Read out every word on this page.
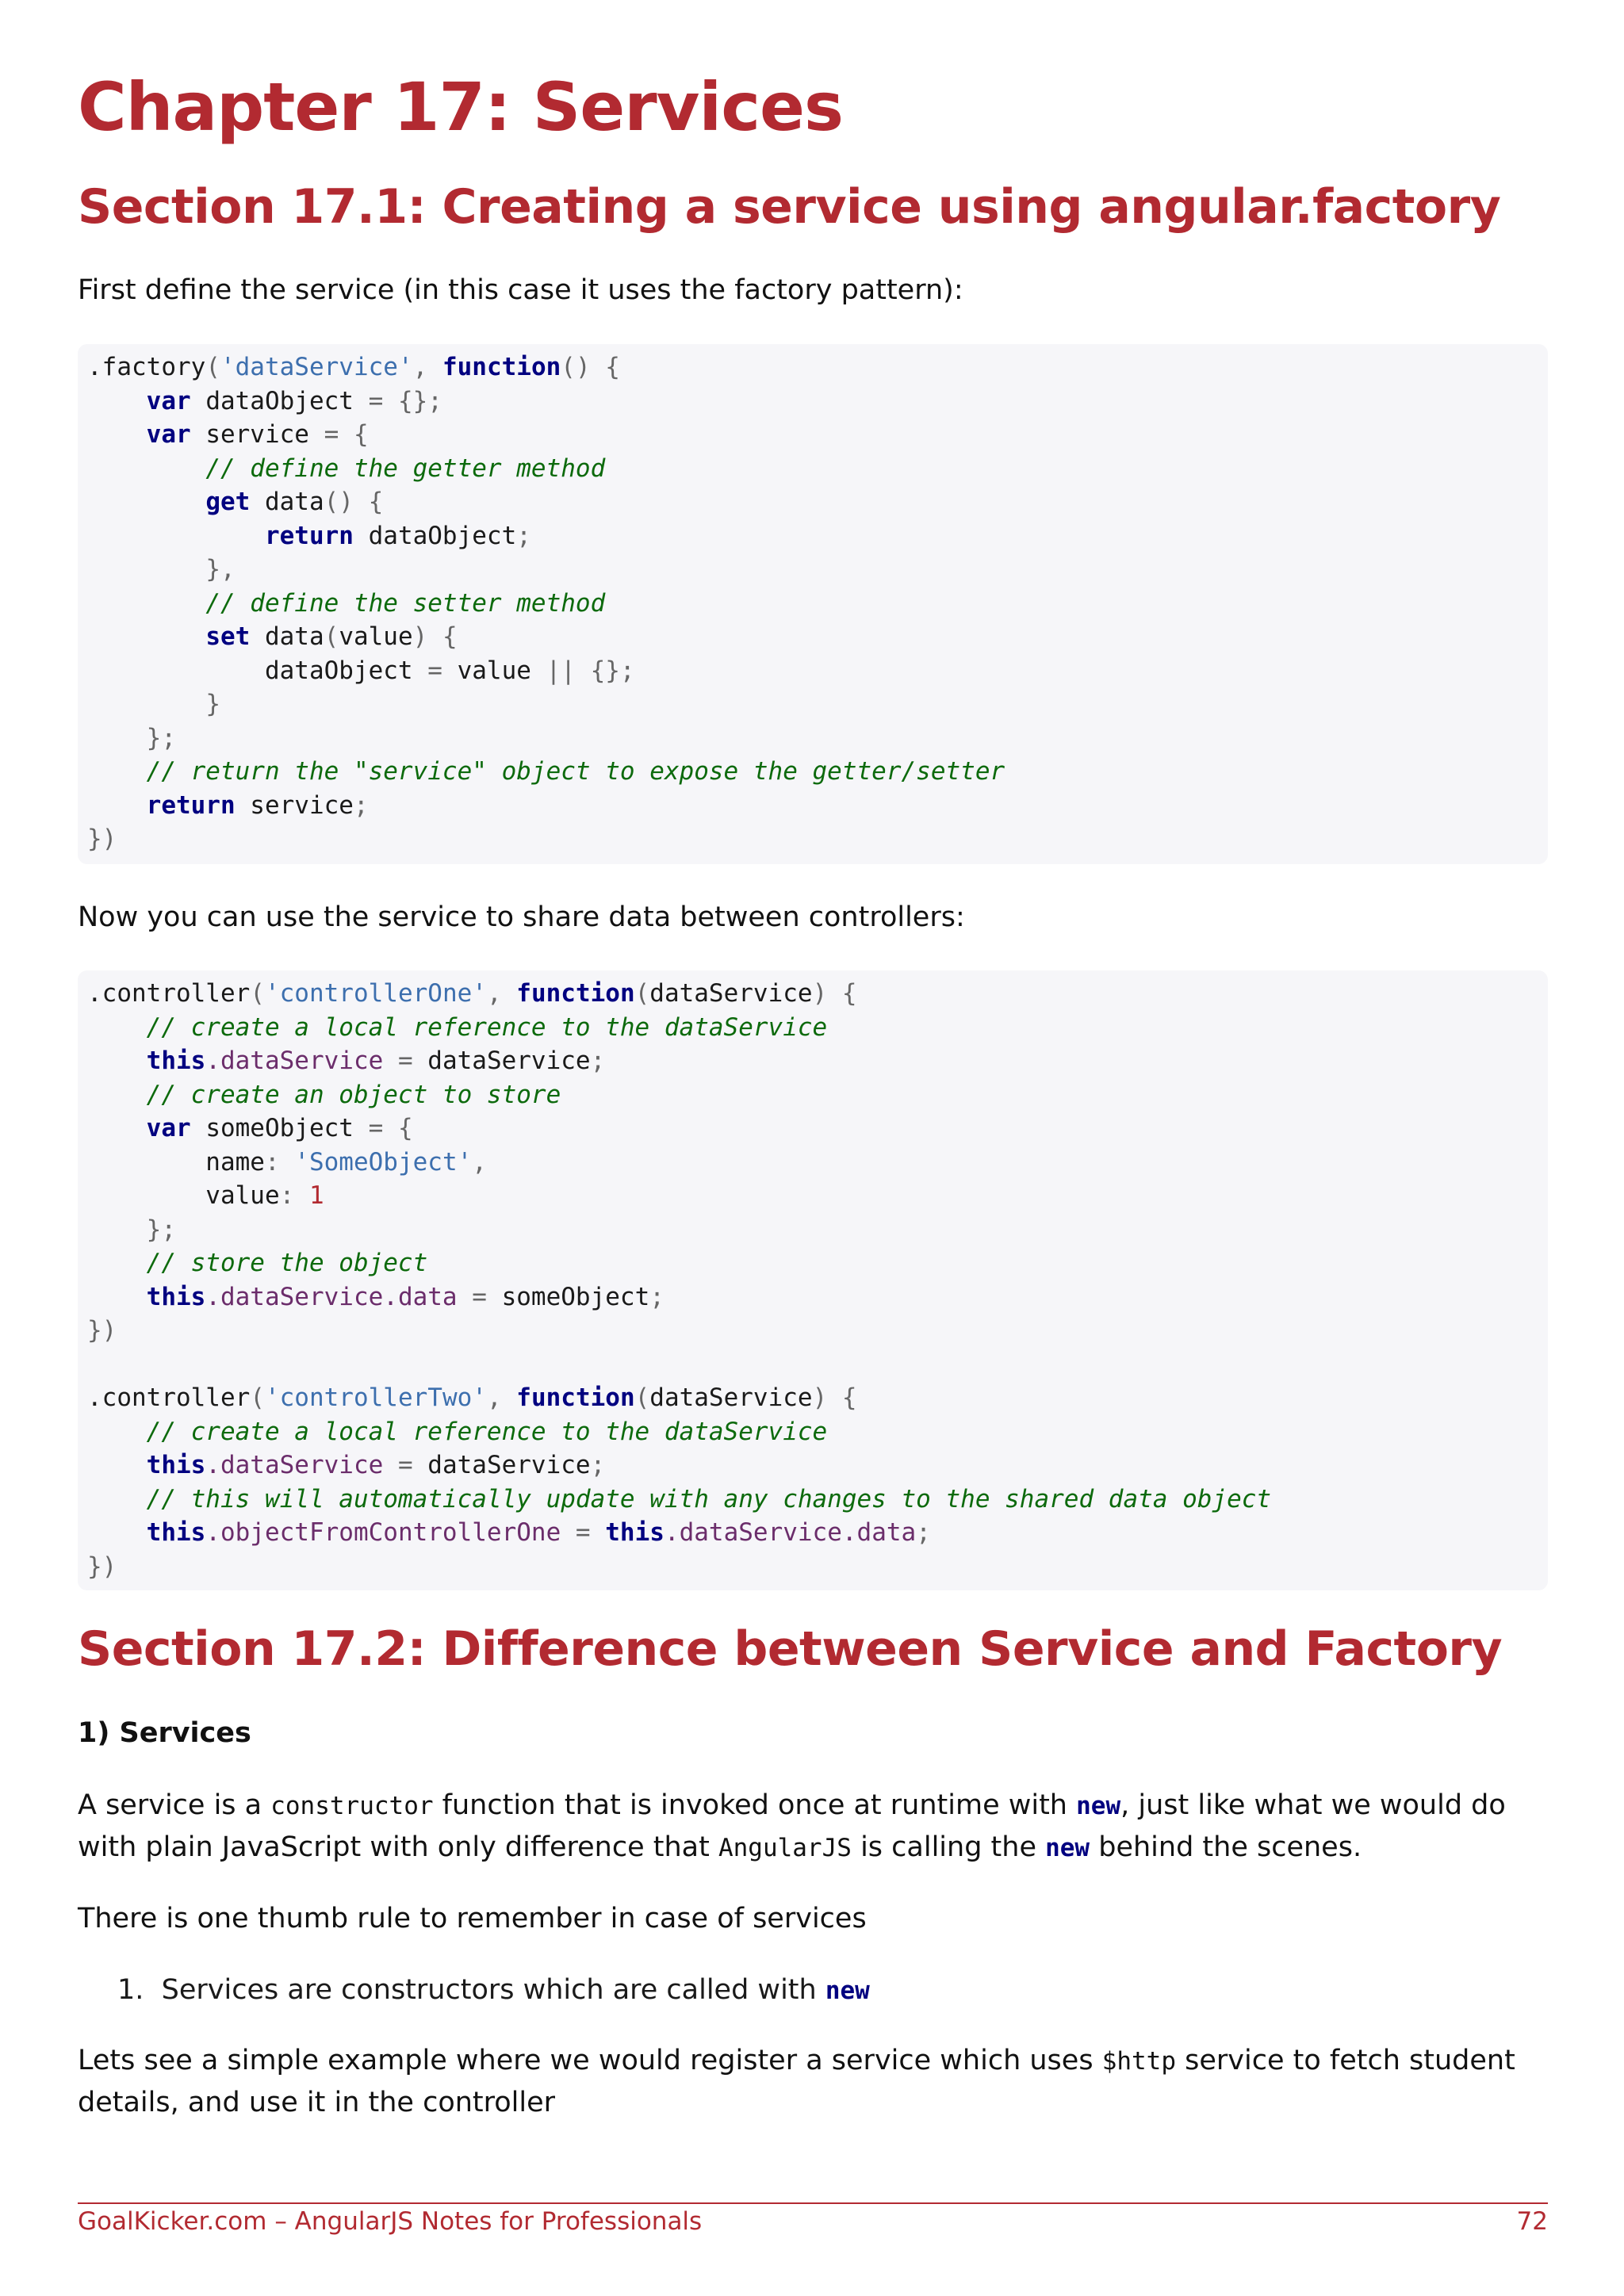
Chapter 17: Services
Section 17.1: Creating a service using angular.factory

First define the service (in this case it uses the factory pattern):

.factory('dataService', function() {
var dataObject = {};
var service = {
// define the getter method
get data() {
return dataObject;
},
// define the setter method
set data(value) {
dataObject = value || {};
}
};
// return the "service" object to expose the getter/setter
return service;
})

Now you can use the service to share data between controllers:

.controller('controllerOne', function(dataService) {
// create a local reference to the dataService
this.dataService = dataService;
// create an object to store
var someObject = {
name: 'SomeObject',
value: 1
};
// store the object
this.dataService.data = someObject;
})

.controller('controllerTwo', function(dataService) {
// create a local reference to the dataService
this.dataService = dataService;
// this will automatically update with any changes to the shared data object
this.objectFromControllerOne = this.dataService.data;
})
Section 17.2: Difference between Service and Factory

1) Services

A service is a constructor function that is invoked once at runtime with new, just like what we would do with plain JavaScript with only difference that AngularJS is calling the new behind the scenes.

There is one thumb rule to remember in case of services

1. Services are constructors which are called with new

Lets see a simple example where we would register a service which uses $http service to fetch student details, and use it in the controller

GoalKicker.com – AngularJS Notes for Professionals	72
